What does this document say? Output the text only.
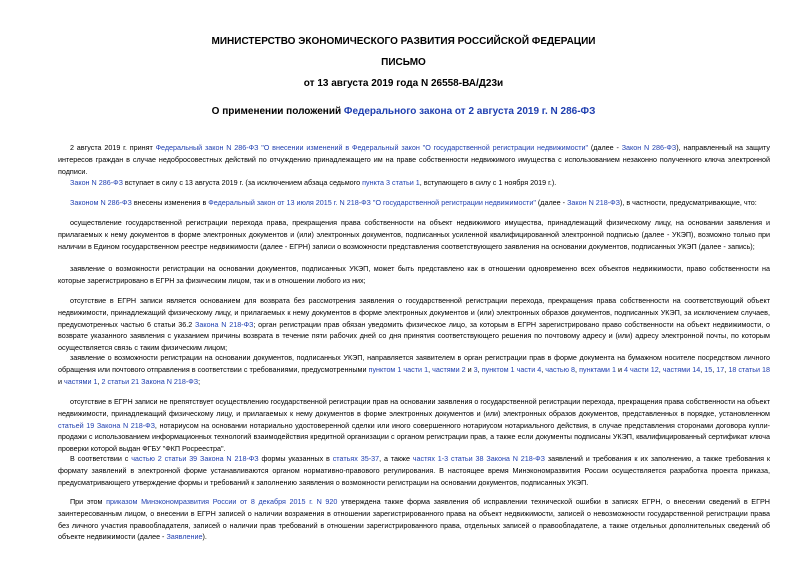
МИНИСТЕРСТВО ЭКОНОМИЧЕСКОГО РАЗВИТИЯ РОССИЙСКОЙ ФЕДЕРАЦИИ
ПИСЬМО
от 13 августа 2019 года N 26558-ВА/Д23и
О применении положений Федерального закона от 2 августа 2019 г. N 286-ФЗ
2 августа 2019 г. принят Федеральный закон N 286-ФЗ "О внесении изменений в Федеральный закон "О государственной регистрации недвижимости" (далее - Закон N 286-ФЗ), направленный на защиту интересов граждан в случае недобросовестных действий по отчуждению принадлежащего им на праве собственности недвижимого имущества с использованием незаконно полученного ключа электронной подписи.
Закон N 286-ФЗ вступает в силу с 13 августа 2019 г. (за исключением абзаца седьмого пункта 3 статьи 1, вступающего в силу с 1 ноября 2019 г.).
Законом N 286-ФЗ внесены изменения в Федеральный закон от 13 июля 2015 г. N 218-ФЗ "О государственной регистрации недвижимости" (далее - Закон N 218-ФЗ), в частности, предусматривающие, что:
осуществление государственной регистрации перехода права, прекращения права собственности на объект недвижимого имущества, принадлежащий физическому лицу, на основании заявления и прилагаемых к нему документов в форме электронных документов и (или) электронных документов, подписанных усиленной квалифицированной электронной подписью (далее - УКЭП), возможно только при наличии в Едином государственном реестре недвижимости (далее - ЕГРН) записи о возможности представления соответствующего заявления на основании документов, подписанных УКЭП (далее - запись);
заявление о возможности регистрации на основании документов, подписанных УКЭП, может быть представлено как в отношении одновременно всех объектов недвижимости, право собственности на которые зарегистрировано в ЕГРН за физическим лицом, так и в отношении любого из них;
отсутствие в ЕГРН записи является основанием для возврата без рассмотрения заявления о государственной регистрации перехода, прекращения права собственности на соответствующий объект недвижимости, принадлежащий физическому лицу, и прилагаемых к нему документов в форме электронных документов и (или) электронных образов документов, подписанных УКЭП, за исключением случаев, предусмотренных частью 6 статьи 36.2 Закона N 218-ФЗ; орган регистрации прав обязан уведомить физическое лицо, за которым в ЕГРН зарегистрировано право собственности на объект недвижимости, о возврате указанного заявления с указанием причины возврата в течение пяти рабочих дней со дня принятия соответствующего решения по почтовому адресу и (или) адресу электронной почты, по которым осуществляется связь с таким физическим лицом;
заявление о возможности регистрации на основании документов, подписанных УКЭП, направляется заявителем в орган регистрации прав в форме документа на бумажном носителе посредством личного обращения или почтового отправления в соответствии с требованиями, предусмотренными пунктом 1 части 1, частями 2 и 3, пунктом 1 части 4, частью 8, пунктами 1 и 4 части 12, частями 14, 15, 17, 18 статьи 18 и частями 1, 2 статьи 21 Закона N 218-ФЗ;
отсутствие в ЕГРН записи не препятствует осуществлению государственной регистрации прав на основании заявления о государственной регистрации перехода, прекращения права собственности на объект недвижимости, принадлежащий физическому лицу, и прилагаемых к нему документов в форме электронных документов и (или) электронных образов документов, представленных в порядке, установленном статьей 19 Закона N 218-ФЗ, нотариусом на основании нотариально удостоверенной сделки или иного совершенного нотариусом нотариального действия, в случае представления сторонами договора купли-продажи с использованием информационных технологий взаимодействия кредитной организации с органом регистрации прав, а также если документы подписаны УКЭП, квалифицированный сертификат ключа проверки которой выдан ФГБУ "ФКП Росреестра".
В соответствии с частью 2 статьи 39 Закона N 218-ФЗ формы указанных в статьях 35-37, а также частях 1-3 статьи 38 Закона N 218-ФЗ заявлений и требования к их заполнению, а также требования к формату заявлений в электронной форме устанавливаются органом нормативно-правового регулирования. В настоящее время Минэкономразвития России осуществляется разработка проекта приказа, предусматривающего утверждение формы и требований к заполнению заявления о возможности регистрации на основании документов, подписанных УКЭП.
При этом приказом Минэкономразвития России от 8 декабря 2015 г. N 920 утверждена также форма заявления об исправлении технической ошибки в записях ЕГРН, о внесении сведений в ЕГРН заинтересованным лицом, о внесении в ЕГРН записей о наличии возражения в отношении зарегистрированного права на объект недвижимости, записей о невозможности государственной регистрации права без личного участия правообладателя, записей о наличии прав требований в отношении зарегистрированного права, отдельных записей о правообладателе, а также отдельных дополнительных сведений об объекте недвижимости (далее - Заявление).
